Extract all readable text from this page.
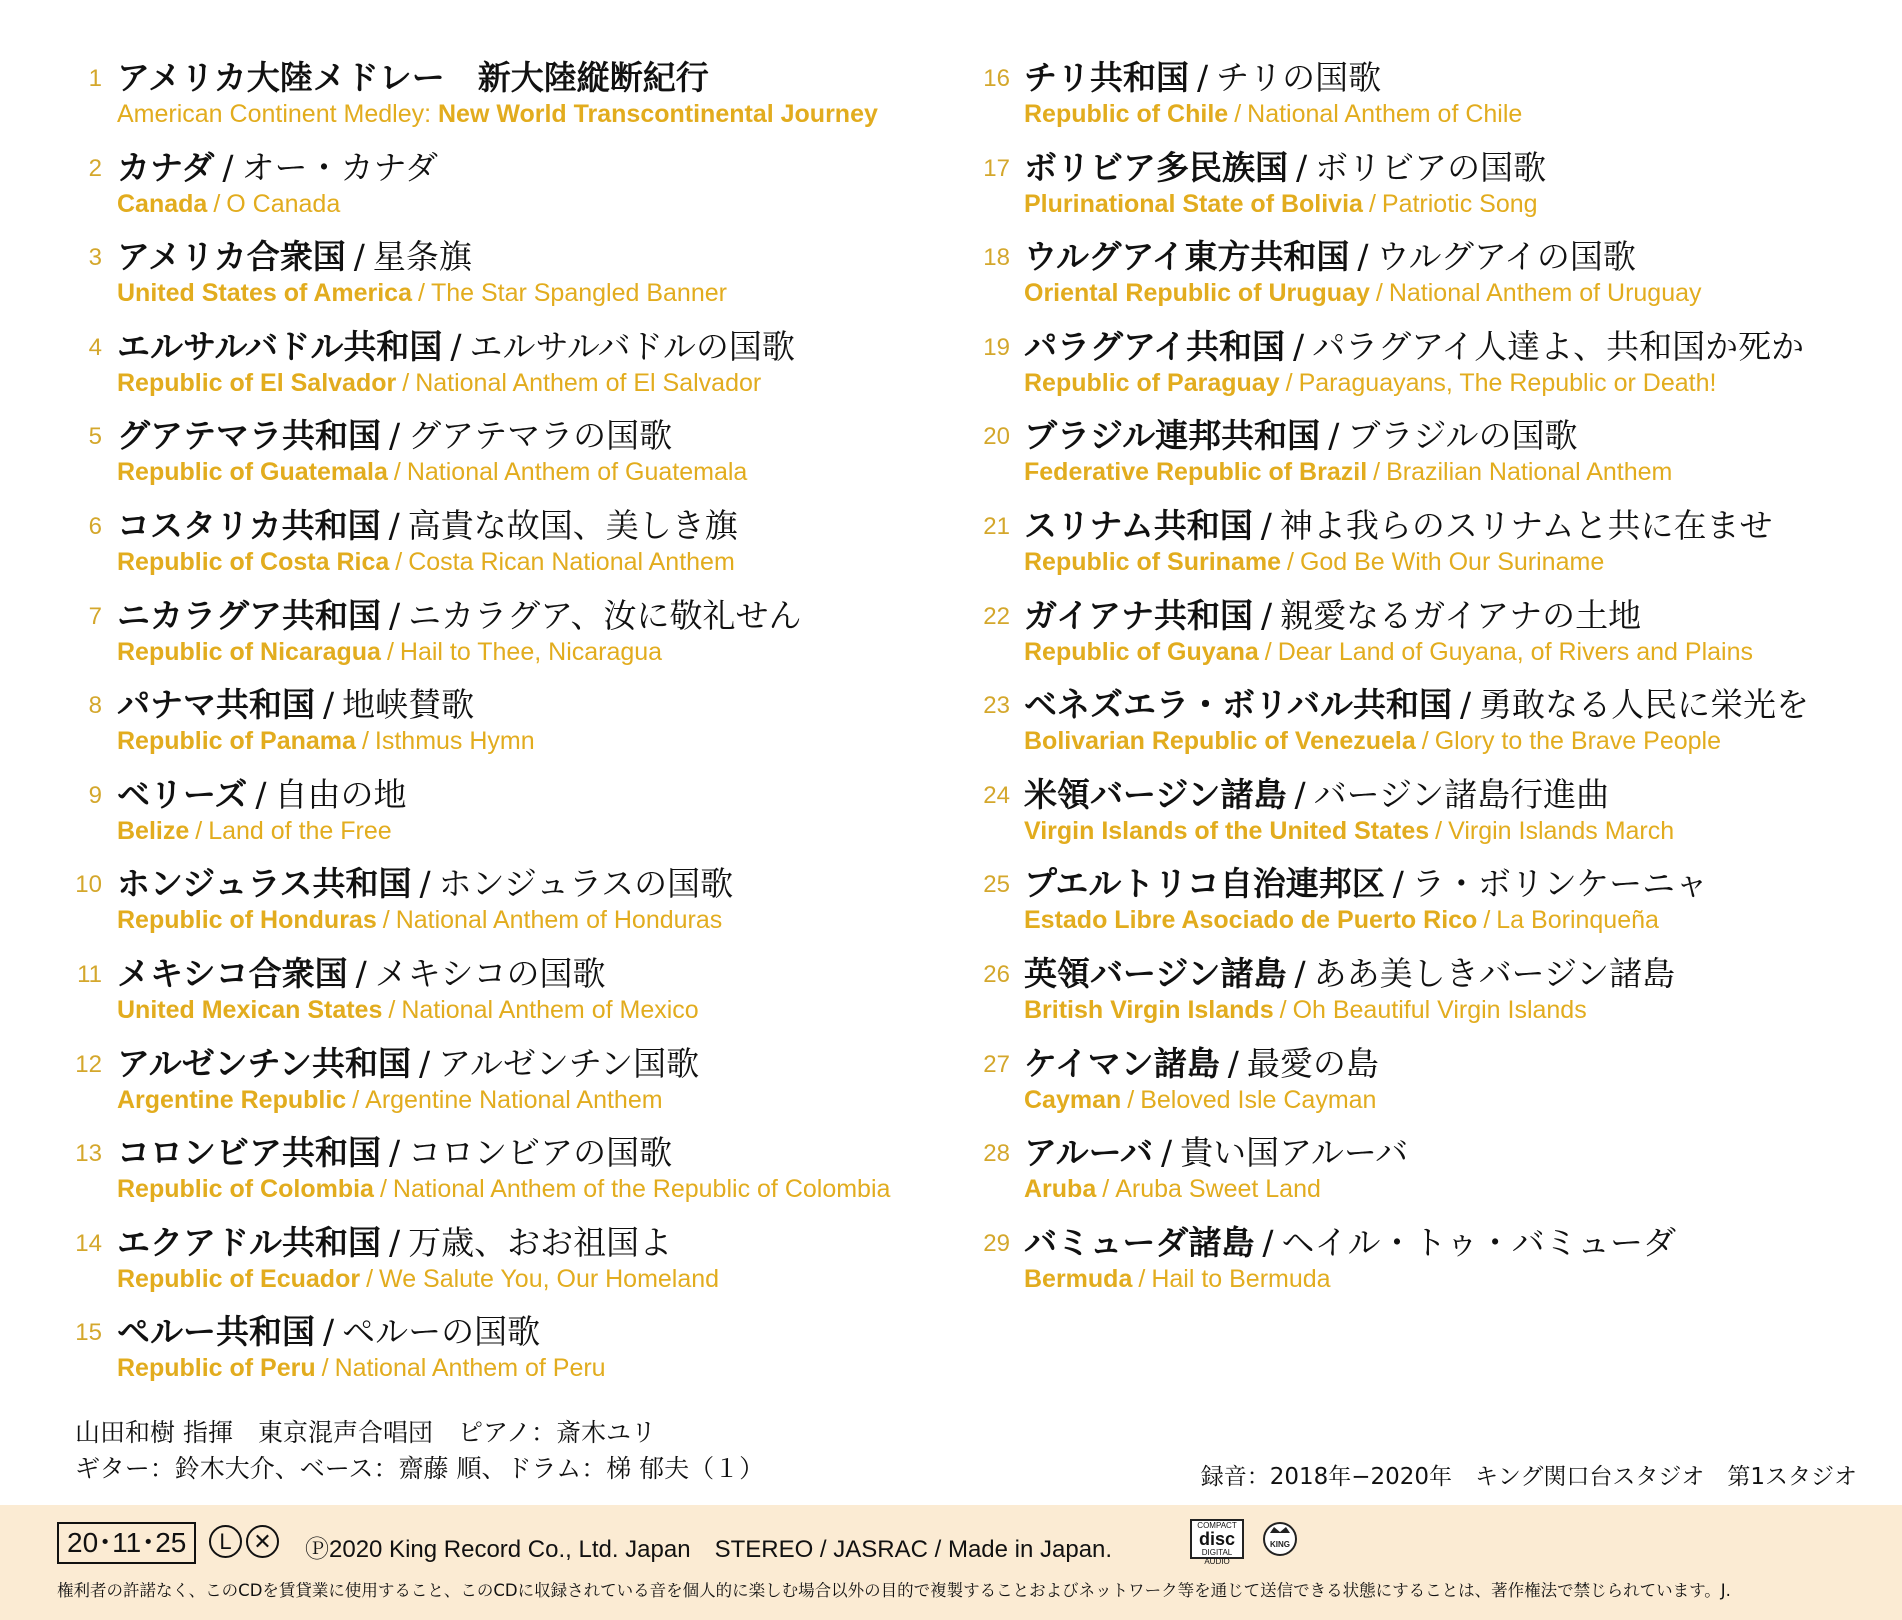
1 アメリカ大陸メドレー　新大陸縦断紀行
American Continent Medley: New World Transcontinental Journey
2 カナダ / オー・カナダ
Canada / O Canada
3 アメリカ合衆国 / 星条旗
United States of America / The Star Spangled Banner
4 エルサルバドル共和国 / エルサルバドルの国歌
Republic of El Salvador / National Anthem of El Salvador
5 グアテマラ共和国 / グアテマラの国歌
Republic of Guatemala / National Anthem of Guatemala
6 コスタリカ共和国 / 高貴な故国、美しき旗
Republic of Costa Rica / Costa Rican National Anthem
7 ニカラグア共和国 / ニカラグア、汝に敬礼せん
Republic of Nicaragua / Hail to Thee, Nicaragua
8 パナマ共和国 / 地峡賛歌
Republic of Panama / Isthmus Hymn
9 ベリーズ / 自由の地
Belize / Land of the Free
10 ホンジュラス共和国 / ホンジュラスの国歌
Republic of Honduras / National Anthem of Honduras
11 メキシコ合衆国 / メキシコの国歌
United Mexican States / National Anthem of Mexico
12 アルゼンチン共和国 / アルゼンチン国歌
Argentine Republic / Argentine National Anthem
13 コロンビア共和国 / コロンビアの国歌
Republic of Colombia / National Anthem of the Republic of Colombia
14 エクアドル共和国 / 万歳、おお祖国よ
Republic of Ecuador / We Salute You, Our Homeland
15 ペルー共和国 / ペルーの国歌
Republic of Peru / National Anthem of Peru
16 チリ共和国 / チリの国歌
Republic of Chile / National Anthem of Chile
17 ボリビア多民族国 / ボリビアの国歌
Plurinational State of Bolivia / Patriotic Song
18 ウルグアイ東方共和国 / ウルグアイの国歌
Oriental Republic of Uruguay / National Anthem of Uruguay
19 パラグアイ共和国 / パラグアイ人達よ、共和国か死か
Republic of Paraguay / Paraguayans, The Republic or Death!
20 ブラジル連邦共和国 / ブラジルの国歌
Federative Republic of Brazil / Brazilian National Anthem
21 スリナム共和国 / 神よ我らのスリナムと共に在ませ
Republic of Suriname / God Be With Our Suriname
22 ガイアナ共和国 / 親愛なるガイアナの土地
Republic of Guyana / Dear Land of Guyana, of Rivers and Plains
23 ベネズエラ・ボリバル共和国 / 勇敢なる人民に栄光を
Bolivarian Republic of Venezuela / Glory to the Brave People
24 米領バージン諸島 / バージン諸島行進曲
Virgin Islands of the United States / Virgin Islands March
25 プエルトリコ自治連邦区 / ラ・ボリンケーニャ
Estado Libre Asociado de Puerto Rico / La Borinqueña
26 英領バージン諸島 / ああ美しきバージン諸島
British Virgin Islands / Oh Beautiful Virgin Islands
27 ケイマン諸島 / 最愛の島
Cayman / Beloved Isle Cayman
28 アルーバ / 貴い国アルーバ
Aruba / Aruba Sweet Land
29 バミューダ諸島 / ヘイル・トゥ・バミューダ
Bermuda / Hail to Bermuda
山田和樹 指揮　東京混声合唱団　ピアノ：斎木ユリ
ギター：鈴木大介、ベース：齋藤 順、ドラム：梯 郁夫（１）	録音：2018年−2020年　キング関口台スタジオ　第1スタジオ
20･11･25	L ✕	Ⓟ2020 King Record Co., Ltd. Japan　STEREO / JASRAC / Made in Japan.
COMPACT
disc
DIGITAL AUDIO
KING
権利者の許諾なく、このCDを賃貸業に使用すること、このCDに収録されている音を個人的に楽しむ場合以外の目的で複製することおよびネットワーク等を通じて送信できる状態にすることは、著作権法で禁じられています。J.
